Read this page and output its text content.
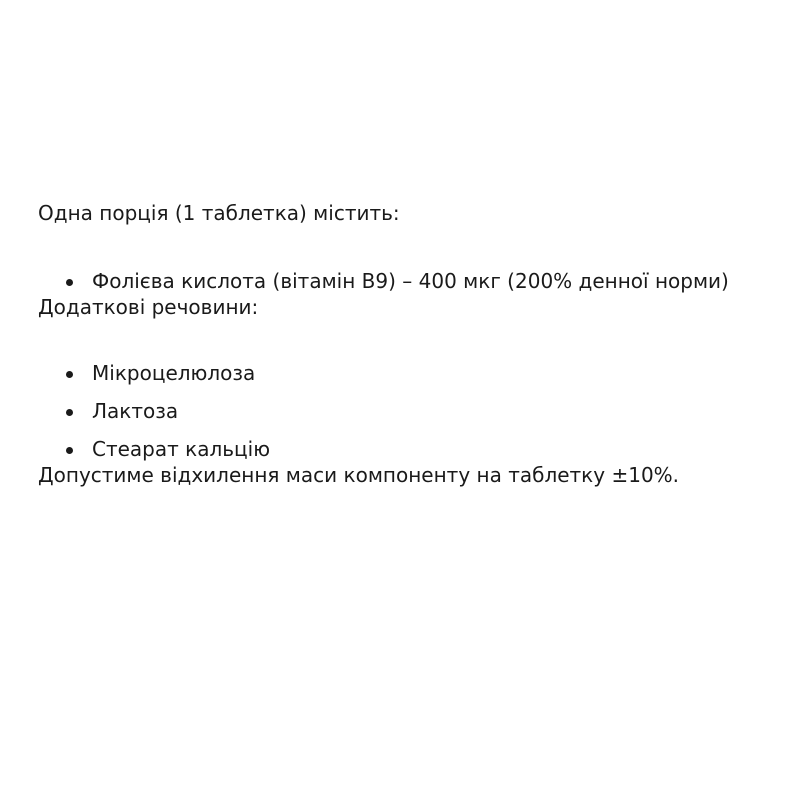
Одна порція (1 таблетка) містить:

Фолієва кислота (вітамін В9) – 400 мкг (200% денної норми)

Додаткові речовини:

Мікроцелюлоза
Лактоза
Стеарат кальцію

Допустиме відхилення маси компоненту на таблетку ±10%.
